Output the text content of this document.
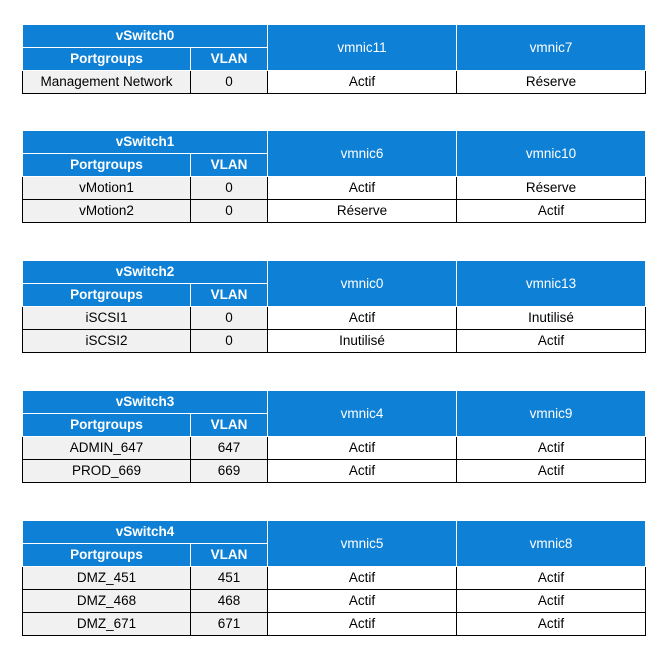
vSwitch0		vmnic11	vmnic7
Portgroups	VLAN		
Management Network	0	Actif	Réserve
vSwitch1		vmnic6	vmnic10
Portgroups	VLAN		
vMotion1	0	Actif	Réserve
vMotion2	0	Réserve	Actif
vSwitch2		vmnic0	vmnic13
Portgroups	VLAN		
iSCSI1	0	Actif	Inutilisé
iSCSI2	0	Inutilisé	Actif
vSwitch3		vmnic4	vmnic9
Portgroups	VLAN		
ADMIN_647	647	Actif	Actif
PROD_669	669	Actif	Actif
vSwitch4		vmnic5	vmnic8
Portgroups	VLAN		
DMZ_451	451	Actif	Actif
DMZ_468	468	Actif	Actif
DMZ_671	671	Actif	Actif
